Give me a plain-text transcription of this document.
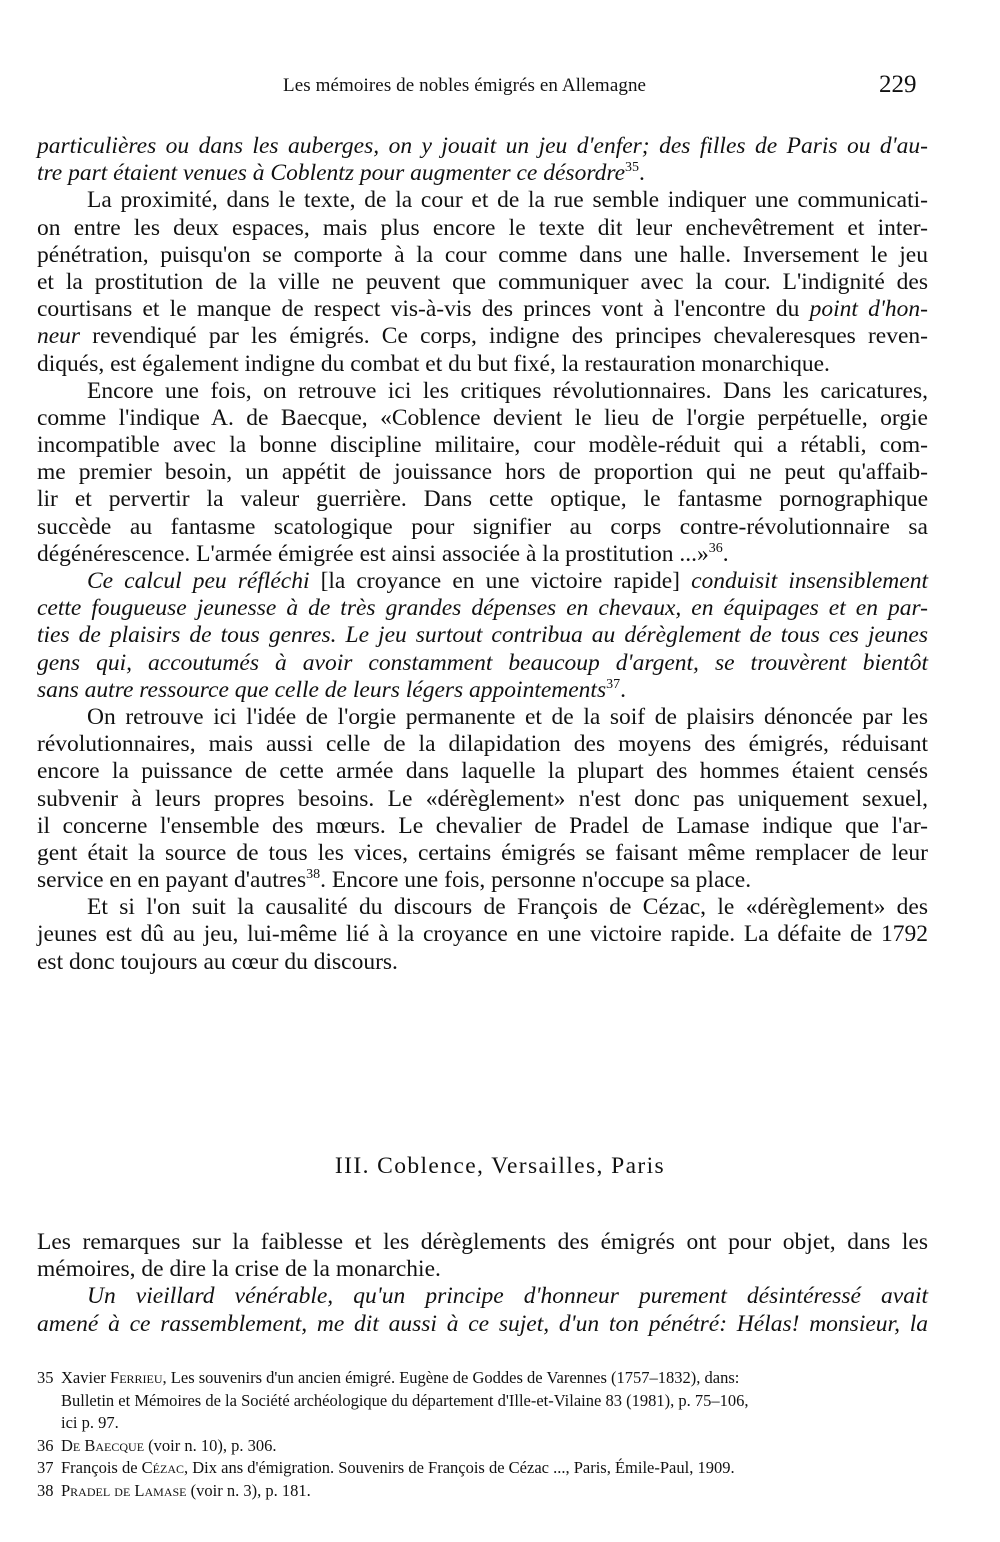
Les mémoires de nobles émigrés en Allemagne	229
particulières ou dans les auberges, on y jouait un jeu d'enfer; des filles de Paris ou d'au-
tre part étaient venues à Coblentz pour augmenter ce désordre$^{35}$.
La proximité, dans le texte, de la cour et de la rue semble indiquer une communicati-
on entre les deux espaces, mais plus encore le texte dit leur enchevêtrement et inter-
pénétration, puisqu'on se comporte à la cour comme dans une halle. Inversement le jeu
et la prostitution de la ville ne peuvent que communiquer avec la cour. L'indignité des
courtisans et le manque de respect vis-à-vis des princes vont à l'encontre du point d'hon-
neur revendiqué par les émigrés. Ce corps, indigne des principes chevaleresques reven-
diqués, est également indigne du combat et du but fixé, la restauration monarchique.
Encore une fois, on retrouve ici les critiques révolutionnaires. Dans les caricatures,
comme l'indique A. de Baecque, «Coblence devient le lieu de l'orgie perpétuelle, orgie
incompatible avec la bonne discipline militaire, cour modèle-réduit qui a rétabli, com-
me premier besoin, un appétit de jouissance hors de proportion qui ne peut qu'affaib-
lir et pervertir la valeur guerrière. Dans cette optique, le fantasme pornographique
succède au fantasme scatologique pour signifier au corps contre-révolutionnaire sa
dégénérescence. L'armée émigrée est ainsi associée à la prostitution ...»$^{36}$.
Ce calcul peu réfléchi [la croyance en une victoire rapide] conduisit insensiblement
cette fougueuse jeunesse à de très grandes dépenses en chevaux, en équipages et en par-
ties de plaisirs de tous genres. Le jeu surtout contribua au dérèglement de tous ces jeunes
gens qui, accoutumés à avoir constamment beaucoup d'argent, se trouvèrent bientôt
sans autre ressource que celle de leurs légers appointements$^{37}$.
On retrouve ici l'idée de l'orgie permanente et de la soif de plaisirs dénoncée par les
révolutionnaires, mais aussi celle de la dilapidation des moyens des émigrés, réduisant
encore la puissance de cette armée dans laquelle la plupart des hommes étaient censés
subvenir à leurs propres besoins. Le «dérèglement» n'est donc pas uniquement sexuel,
il concerne l'ensemble des mœurs. Le chevalier de Pradel de Lamase indique que l'ar-
gent était la source de tous les vices, certains émigrés se faisant même remplacer de leur
service en en payant d'autres$^{38}$. Encore une fois, personne n'occupe sa place.
Et si l'on suit la causalité du discours de François de Cézac, le «dérèglement» des
jeunes est dû au jeu, lui-même lié à la croyance en une victoire rapide. La défaite de 1792
est donc toujours au cœur du discours.
III. Coblence, Versailles, Paris
Les remarques sur la faiblesse et les dérèglements des émigrés ont pour objet, dans les
mémoires, de dire la crise de la monarchie.
Un vieillard vénérable, qu'un principe d'honneur purement désintéressé avait
amené à ce rassemblement, me dit aussi à ce sujet, d'un ton pénétré: Hélas! monsieur, la
35 Xavier Ferrieu, Les souvenirs d'un ancien émigré. Eugène de Goddes de Varennes (1757–1832), dans:
Bulletin et Mémoires de la Société archéologique du département d'Ille-et-Vilaine 83 (1981), p. 75–106,
ici p. 97.
36 De Baecque (voir n. 10), p. 306.
37 François de Cézac, Dix ans d'émigration. Souvenirs de François de Cézac ..., Paris, Émile-Paul, 1909.
38 Pradel de Lamase (voir n. 3), p. 181.
